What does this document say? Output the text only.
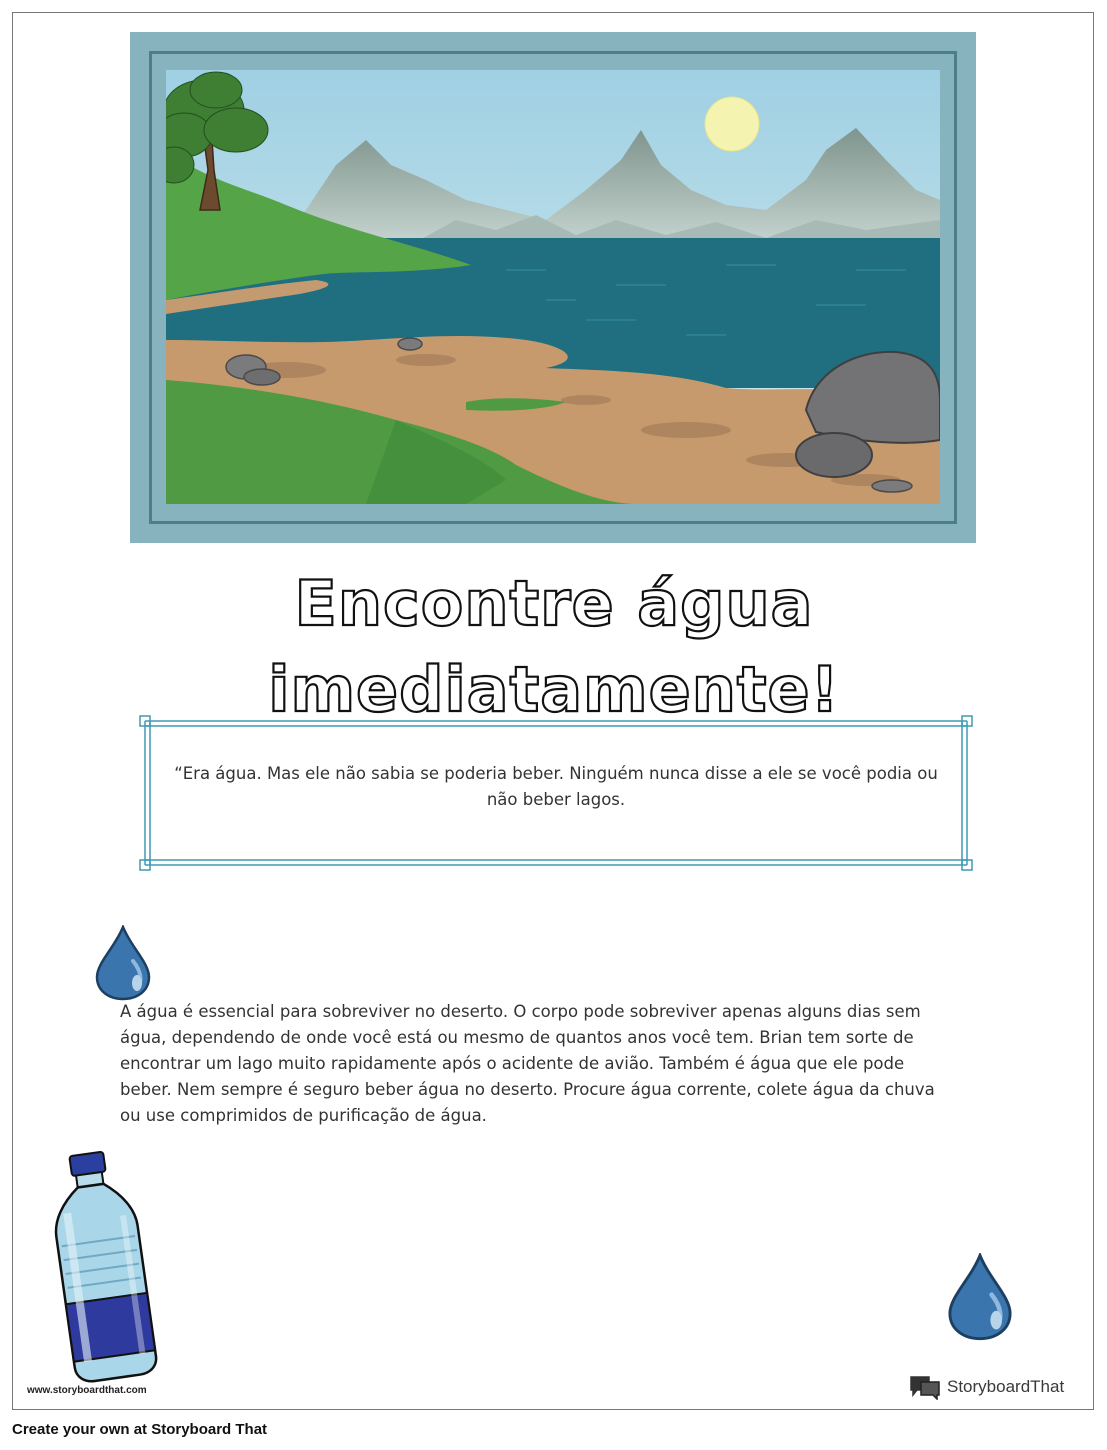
Encontre água imediatamente!
“Era água. Mas ele não sabia se poderia beber. Ninguém nunca disse a ele se você podia ou não beber lagos.
A água é essencial para sobreviver no deserto. O corpo pode sobreviver apenas alguns dias sem água, dependendo de onde você está ou mesmo de quantos anos você tem. Brian tem sorte de encontrar um lago muito rapidamente após o acidente de avião. Também é água que ele pode beber. Nem sempre é seguro beber água no deserto. Procure água corrente, colete água da chuva ou use comprimidos de purificação de água.
www.storyboardthat.com	StoryboardThat
Create your own at Storyboard That
